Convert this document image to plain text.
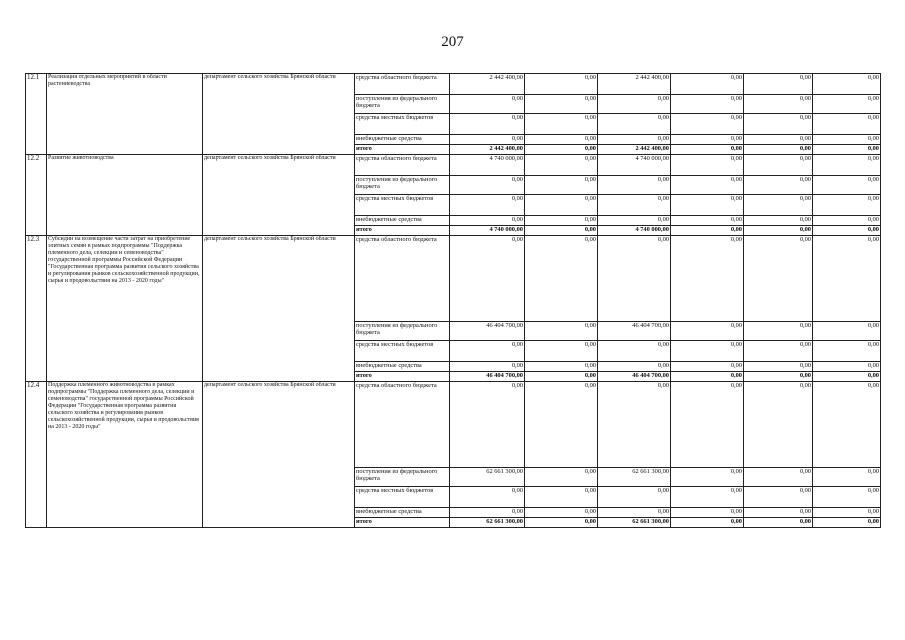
207
12.1	Реализация отдельных мероприятий в области растениеводства	департамент сельского хозяйства Брянской области	средства областного бюджета	2 442 400,00	0,00	2 442 400,00	0,00	0,00	0,00
			поступления из федерального бюджета	0,00	0,00	0,00	0,00	0,00	0,00
			средства местных бюджетов	0,00	0,00	0,00	0,00	0,00	0,00
			внебюджетные средства	0,00	0,00	0,00	0,00	0,00	0,00
			итого	2 442 400,00	0,00	2 442 400,00	0,00	0,00	0,00
12.2	Развитие животноводства	департамент сельского хозяйства Брянской области	средства областного бюджета	4 740 000,00	0,00	4 740 000,00	0,00	0,00	0,00
			поступления из федерального бюджета	0,00	0,00	0,00	0,00	0,00	0,00
			средства местных бюджетов	0,00	0,00	0,00	0,00	0,00	0,00
			внебюджетные средства	0,00	0,00	0,00	0,00	0,00	0,00
			итого	4 740 000,00	0,00	4 740 000,00	0,00	0,00	0,00
12.3	Субсидии на возмещение части затрат на приобретение элитных семян в рамках подпрограммы "Поддержка племенного дела, селекции и семеноводства" государственной программы Российской Федерации "Государственная программа развития сельского хозяйства и регулирования рынков сельскохозяйственной продукции, сырья и продовольствия на 2013 - 2020 годы"	департамент сельского хозяйства Брянской области	средства областного бюджета	0,00	0,00	0,00	0,00	0,00	0,00
			поступления из федерального бюджета	46 404 700,00	0,00	46 404 700,00	0,00	0,00	0,00
			средства местных бюджетов	0,00	0,00	0,00	0,00	0,00	0,00
			внебюджетные средства	0,00	0,00	0,00	0,00	0,00	0,00
			итого	46 404 700,00	0,00	46 404 700,00	0,00	0,00	0,00
12.4	Поддержка племенного животноводства в рамках подпрограммы "Поддержка племенного дела, селекции и семеноводства" государственной программы Российской Федерации "Государственная программа развития сельского хозяйства и регулирования рынков сельскохозяйственной продукции, сырья и продовольствия на 2013 - 2020 годы"	департамент сельского хозяйства Брянской области	средства областного бюджета	0,00	0,00	0,00	0,00	0,00	0,00
			поступления из федерального бюджета	62 661 300,00	0,00	62 661 300,00	0,00	0,00	0,00
			средства местных бюджетов	0,00	0,00	0,00	0,00	0,00	0,00
			внебюджетные средства	0,00	0,00	0,00	0,00	0,00	0,00
			итого	62 661 300,00	0,00	62 661 300,00	0,00	0,00	0,00
